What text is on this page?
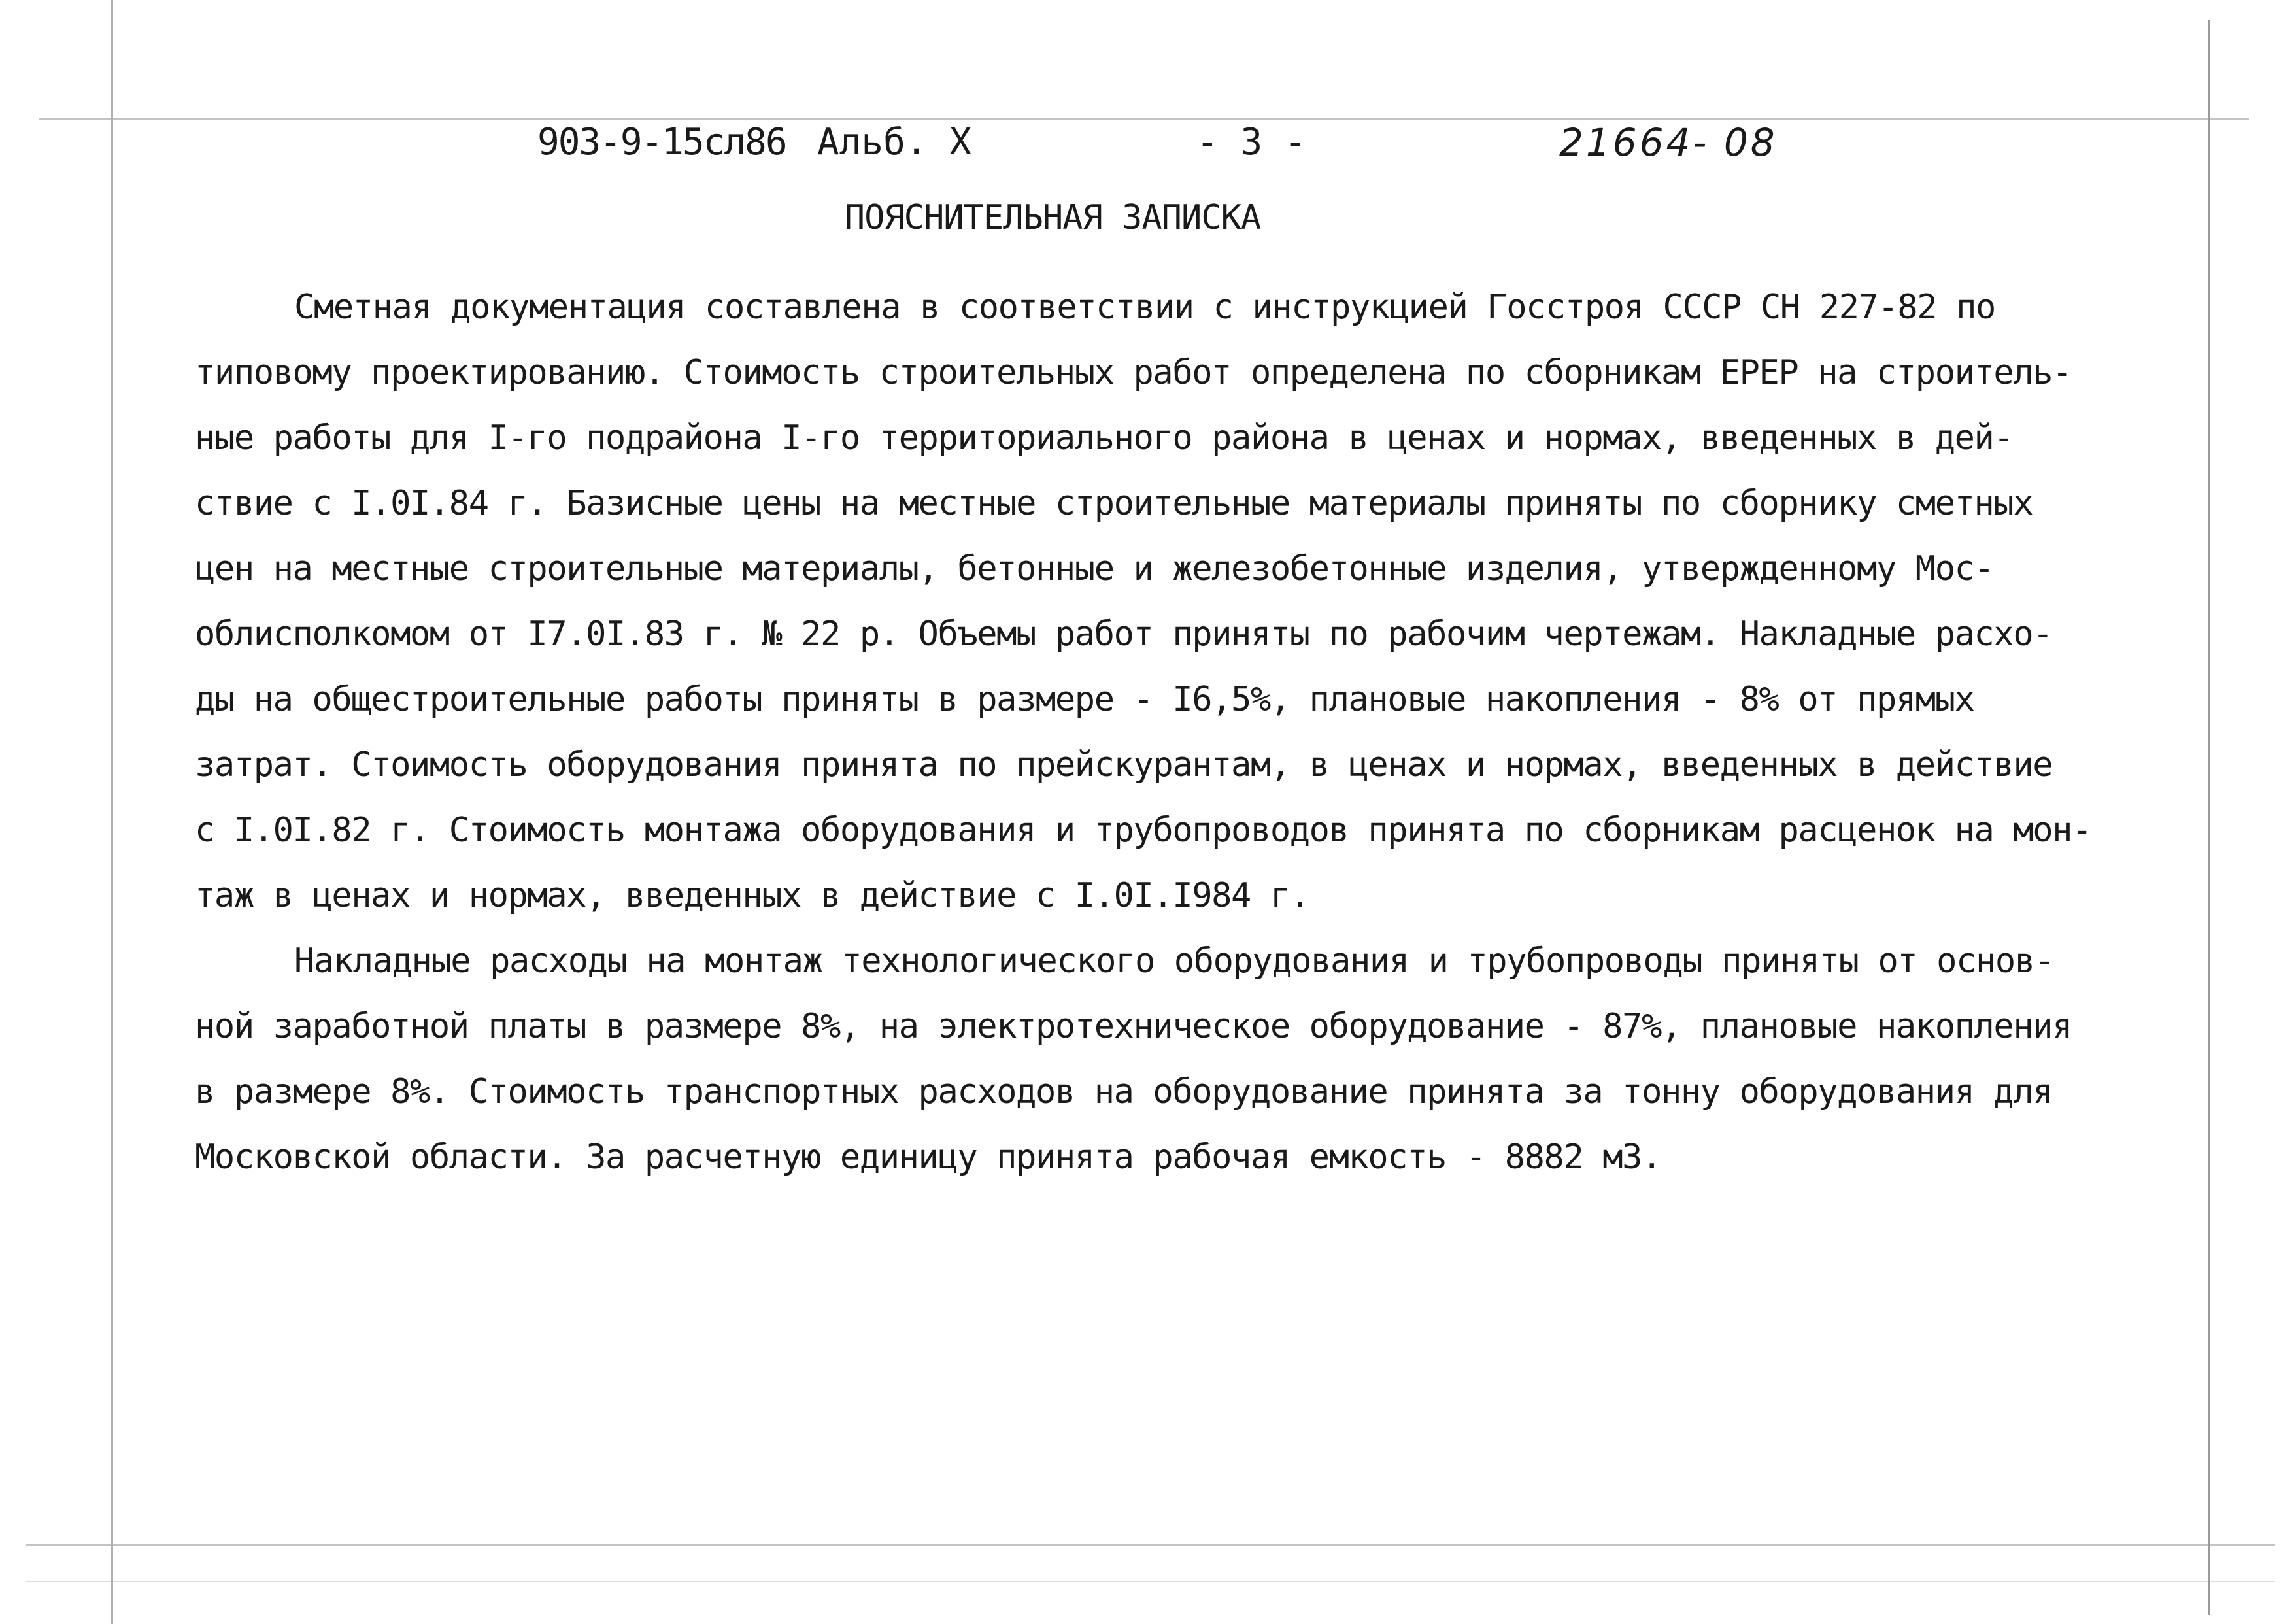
903-9-15сл86 Альб. X	- 3 -	21664- 08
ПОЯСНИТЕЛЬНАЯ ЗАПИСКА
Сметная документация составлена в соответствии с инструкцией Госстроя СССР СН 227-82 по
типовому проектированию. Стоимость строительных работ определена по сборникам ЕРЕР на строитель-
ные работы для I-го подрайона I-го территориального района в ценах и нормах, введенных в дей-
ствие с I.0I.84 г. Базисные цены на местные строительные материалы приняты по сборнику сметных
цен на местные строительные материалы, бетонные и железобетонные изделия, утвержденному Мос-
облисполкомом от I7.0I.83 г. № 22 р. Объемы работ приняты по рабочим чертежам. Накладные расхо-
ды на общестроительные работы приняты в размере - I6,5%, плановые накопления - 8% от прямых
затрат. Стоимость оборудования принята по прейскурантам, в ценах и нормах, введенных в действие
с I.0I.82 г. Стоимость монтажа оборудования и трубопроводов принята по сборникам расценок на мон-
таж в ценах и нормах, введенных в действие с I.0I.I984 г.
Накладные расходы на монтаж технологического оборудования и трубопроводы приняты от основ-
ной заработной платы в размере 8%, на электротехническое оборудование - 87%, плановые накопления
в размере 8%. Стоимость транспортных расходов на оборудование принята за тонну оборудования для
Московской области. За расчетную единицу принята рабочая емкость - 8882 м3.
